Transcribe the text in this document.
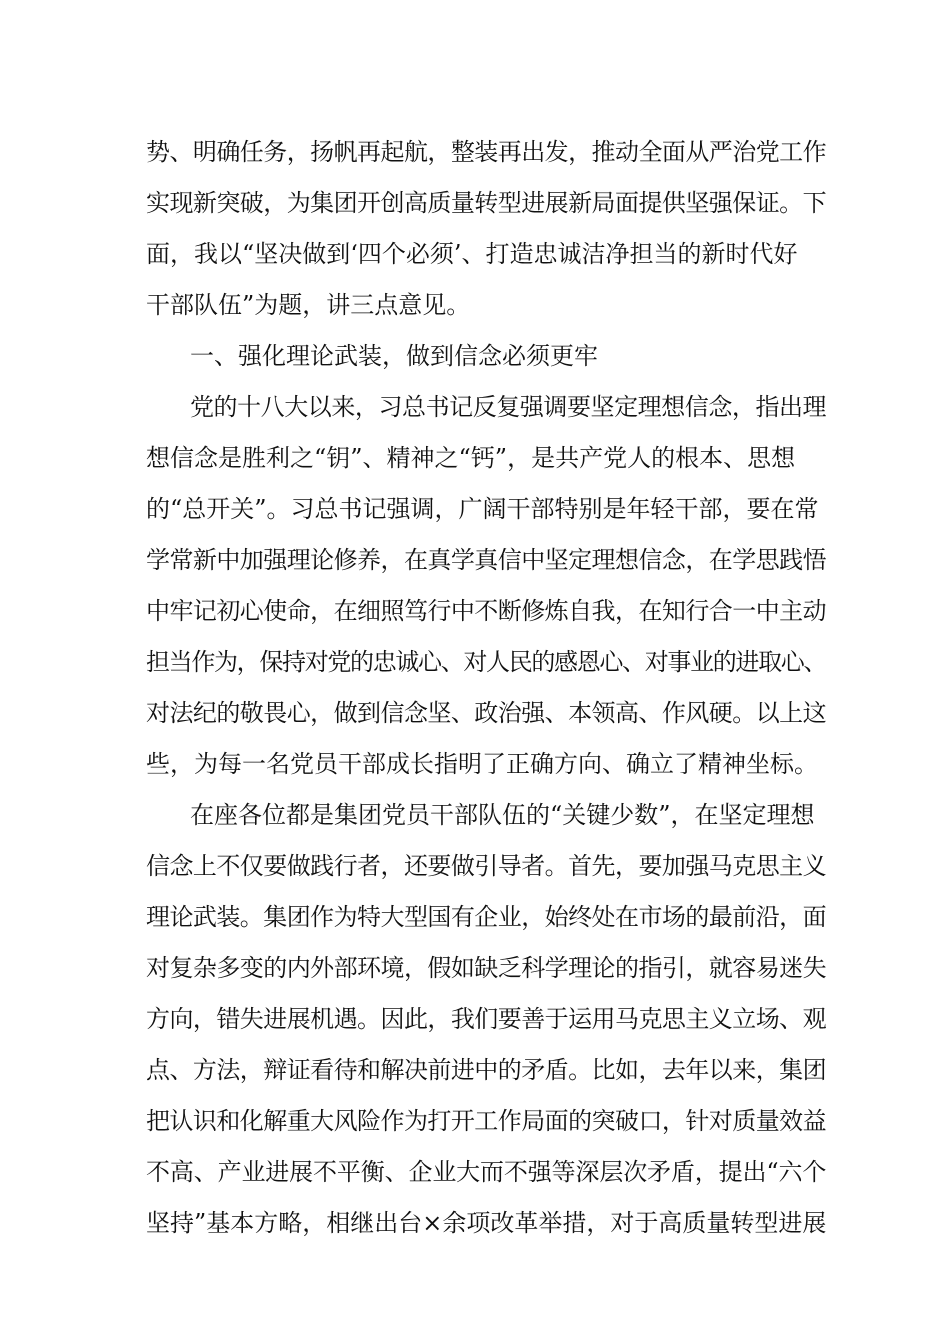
势、明确任务，扬帆再起航，整装再出发，推动全面从严治党工作
实现新突破，为集团开创高质量转型进展新局面提供坚强保证。下
面，我以“坚决做到‘四个必须’、打造忠诚洁净担当的新时代好
干部队伍”为题，讲三点意见。
一、强化理论武装，做到信念必须更牢
党的十八大以来，习总书记反复强调要坚定理想信念，指出理
想信念是胜利之“钥”、精神之“钙”，是共产党人的根本、思想
的“总开关”。习总书记强调，广阔干部特别是年轻干部，要在常
学常新中加强理论修养，在真学真信中坚定理想信念，在学思践悟
中牢记初心使命，在细照笃行中不断修炼自我，在知行合一中主动
担当作为，保持对党的忠诚心、对人民的感恩心、对事业的进取心、
对法纪的敬畏心，做到信念坚、政治强、本领高、作风硬。以上这
些，为每一名党员干部成长指明了正确方向、确立了精神坐标。
在座各位都是集团党员干部队伍的“关键少数”，在坚定理想
信念上不仅要做践行者，还要做引导者。首先，要加强马克思主义
理论武装。集团作为特大型国有企业，始终处在市场的最前沿，面
对复杂多变的内外部环境，假如缺乏科学理论的指引，就容易迷失
方向，错失进展机遇。因此，我们要善于运用马克思主义立场、观
点、方法，辩证看待和解决前进中的矛盾。比如，去年以来，集团
把认识和化解重大风险作为打开工作局面的突破口，针对质量效益
不高、产业进展不平衡、企业大而不强等深层次矛盾，提出“六个
坚持”基本方略，相继出台×余项改革举措，对于高质量转型进展
